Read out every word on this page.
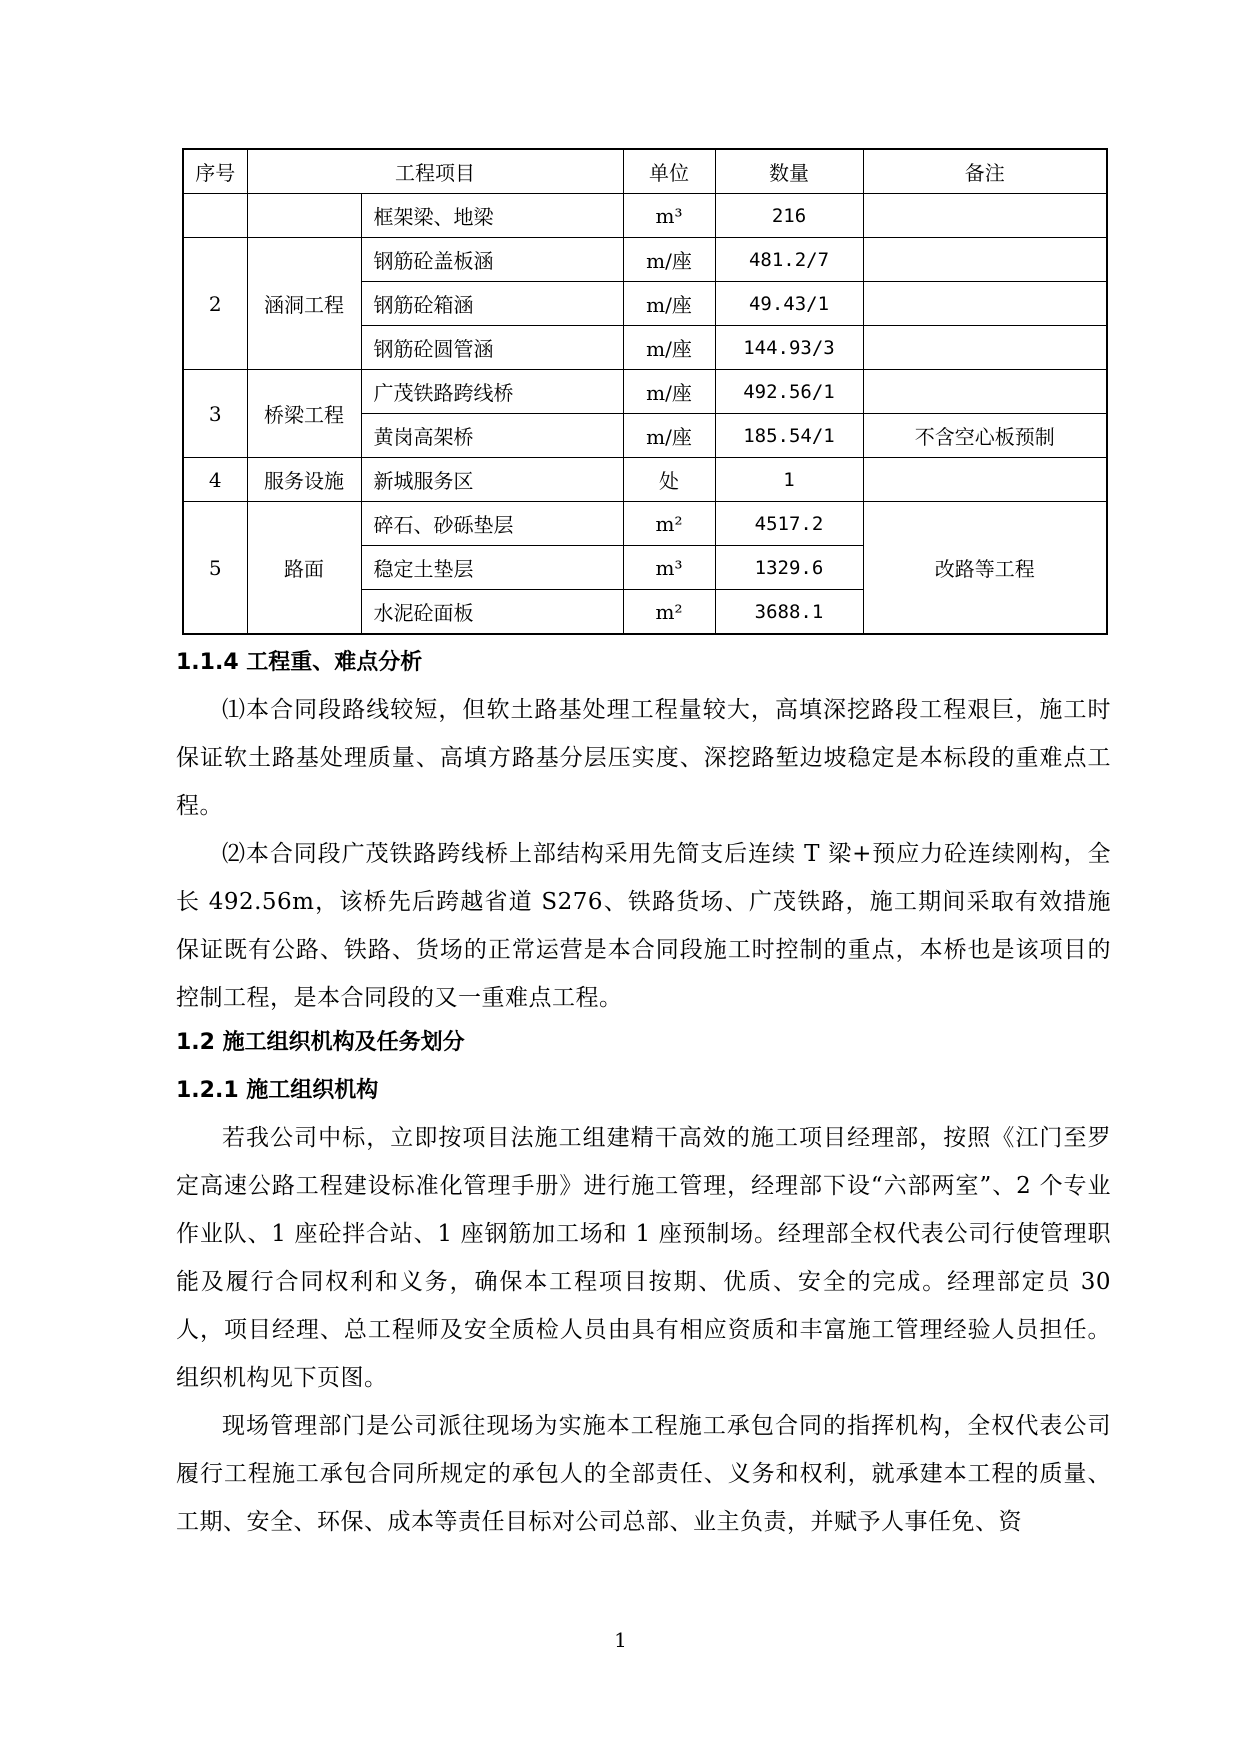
序号	工程项目		单位	数量	备注
		框架梁、地梁	m³	216	
2	涵洞工程	钢筋砼盖板涵	m/座	481.2/7	
		钢筋砼箱涵	m/座	49.43/1	
		钢筋砼圆管涵	m/座	144.93/3	
3	桥梁工程	广茂铁路跨线桥	m/座	492.56/1	
		黄岗高架桥	m/座	185.54/1	不含空心板预制
4	服务设施	新城服务区	处	1	
5	路面	碎石、砂砾垫层	m²	4517.2	改路等工程
		稳定土垫层	m³	1329.6	
		水泥砼面板	m²	3688.1	
1.1.4 工程重、难点分析

⑴本合同段路线较短，但软土路基处理工程量较大，高填深挖路段工程艰巨，施工时保证软土路基处理质量、高填方路基分层压实度、深挖路堑边坡稳定是本标段的重难点工程。

⑵本合同段广茂铁路跨线桥上部结构采用先简支后连续 T 梁+预应力砼连续刚构，全长 492.56m，该桥先后跨越省道 S276、铁路货场、广茂铁路，施工期间采取有效措施保证既有公路、铁路、货场的正常运营是本合同段施工时控制的重点，本桥也是该项目的控制工程，是本合同段的又一重难点工程。

1.2 施工组织机构及任务划分
1.2.1 施工组织机构

若我公司中标，立即按项目法施工组建精干高效的施工项目经理部，按照《江门至罗定高速公路工程建设标准化管理手册》进行施工管理，经理部下设“六部两室”、2 个专业作业队、1 座砼拌合站、1 座钢筋加工场和 1 座预制场。经理部全权代表公司行使管理职能及履行合同权利和义务，确保本工程项目按期、优质、安全的完成。经理部定员 30 人，项目经理、总工程师及安全质检人员由具有相应资质和丰富施工管理经验人员担任。组织机构见下页图。

现场管理部门是公司派往现场为实施本工程施工承包合同的指挥机构，全权代表公司履行工程施工承包合同所规定的承包人的全部责任、义务和权利，就承建本工程的质量、工期、安全、环保、成本等责任目标对公司总部、业主负责，并赋予人事任免、资

1
